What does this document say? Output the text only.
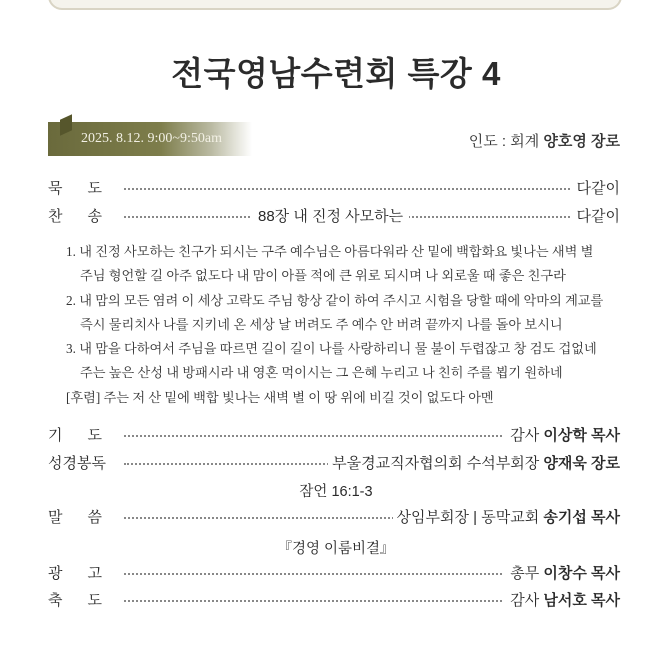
전국영남수련회 특강 4
2025. 8.12. 9:00~9:50am	인도 : 회계 양호영 장로
묵      도	다같이
찬      송	88장 내 진정 사모하는	다같이
1. 내 진정 사모하는 친구가 되시는 구주 예수님은 아름다워라 산 밑에 백합화요 빛나는 새벽 별
주님 형언할 길 아주 없도다 내 맘이 아플 적에 큰 위로 되시며 나 외로울 때 좋은 친구라
2. 내 맘의 모든 염려 이 세상 고락도 주님 항상 같이 하여 주시고 시험을 당할 때에 악마의 계교를
즉시 물리치사 나를 지키네 온 세상 날 버려도 주 예수 안 버려 끝까지 나를 돌아 보시니
3. 내 맘을 다하여서 주님을 따르면 길이 길이 나를 사랑하리니 물 불이 두렵잖고 창 검도 겁없네
주는 높은 산성 내 방패시라 내 영혼 먹이시는 그 은혜 누리고 나 친히 주를 뵙기 원하네
[후렴] 주는 저 산 밑에 백합 빛나는 새벽 별 이 땅 위에 비길 것이 없도다 아멘
기      도	감사 이상학 목사
성경봉독	부울경교직자협의회 수석부회장 양재욱 장로
잠언 16:1-3
말      씀	상임부회장 | 동막교회 송기섭 목사
『경영 이룸비결』
광      고	총무 이창수 목사
축      도	감사 남서호 목사
